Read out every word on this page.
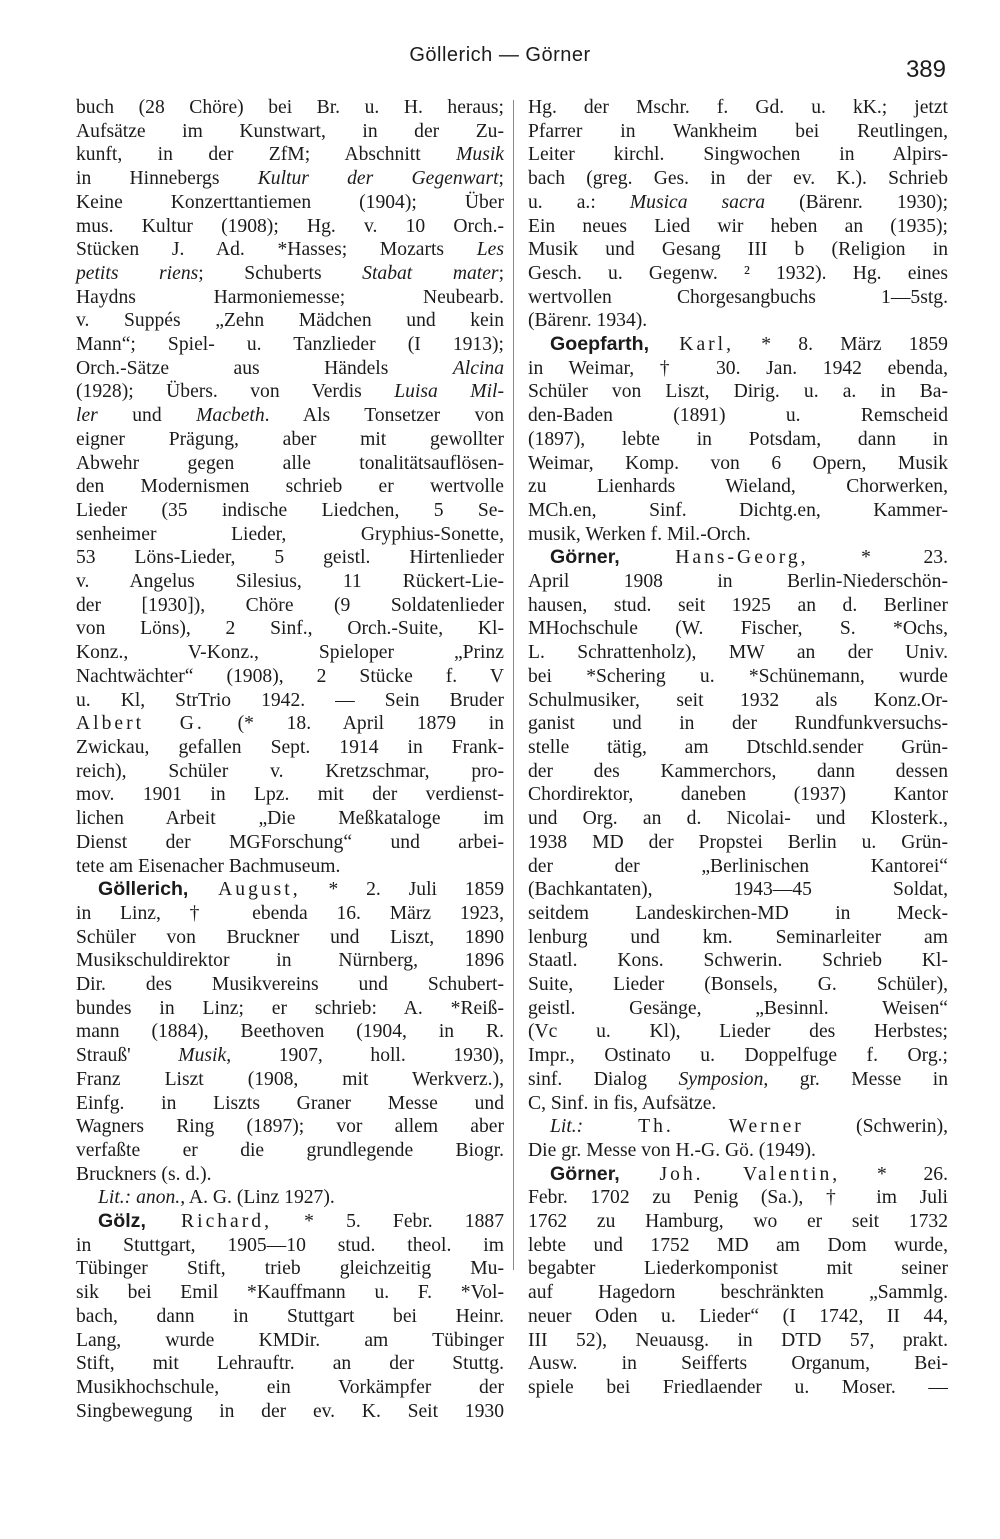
Göllerich — Görner
389
buch (28 Chöre) bei Br. u. H. heraus;
Aufsätze im Kunstwart, in der Zu-
kunft, in der ZfM; Abschnitt Musik
in Hinnebergs Kultur der Gegenwart;
Keine Konzerttantiemen (1904); Über
mus. Kultur (1908); Hg. v. 10 Orch.-
Stücken J. Ad. *Hasses; Mozarts Les
petits riens; Schuberts Stabat mater;
Haydns Harmoniemesse; Neubearb.
v. Suppés „Zehn Mädchen und kein
Mann“; Spiel- u. Tanzlieder (I 1913);
Orch.-Sätze aus Händels Alcina
(1928); Übers. von Verdis Luisa Mil-
ler und Macbeth. Als Tonsetzer von
eigner Prägung, aber mit gewollter
Abwehr gegen alle tonalitätsauflösen-
den Modernismen schrieb er wertvolle
Lieder (35 indische Liedchen, 5 Se-
senheimer Lieder, Gryphius-Sonette,
53 Löns-Lieder, 5 geistl. Hirtenlieder
v. Angelus Silesius, 11 Rückert-Lie-
der [1930]), Chöre (9 Soldatenlieder
von Löns), 2 Sinf., Orch.-Suite, Kl-
Konz., V-Konz., Spieloper „Prinz
Nachtwächter“ (1908), 2 Stücke f. V
u. Kl, StrTrio 1942. — Sein Bruder
Albert G. (* 18. April 1879 in
Zwickau, gefallen Sept. 1914 in Frank-
reich), Schüler v. Kretzschmar, pro-
mov. 1901 in Lpz. mit der verdienst-
lichen Arbeit „Die Meßkataloge im
Dienst der MGForschung“ und arbei-
tete am Eisenacher Bachmuseum.
Göllerich, August, * 2. Juli 1859
in Linz, † ebenda 16. März 1923,
Schüler von Bruckner und Liszt, 1890
Musikschuldirektor in Nürnberg, 1896
Dir. des Musikvereins und Schubert-
bundes in Linz; er schrieb: A. *Reiß-
mann (1884), Beethoven (1904, in R.
Strauß' Musik, 1907, holl. 1930),
Franz Liszt (1908, mit Werkverz.),
Einfg. in Liszts Graner Messe und
Wagners Ring (1897); vor allem aber
verfaßte er die grundlegende Biogr.
Bruckners (s. d.).
Lit.: anon., A. G. (Linz 1927).
Gölz, Richard, * 5. Febr. 1887
in Stuttgart, 1905—10 stud. theol. im
Tübinger Stift, trieb gleichzeitig Mu-
sik bei Emil *Kauffmann u. F. *Vol-
bach, dann in Stuttgart bei Heinr.
Lang, wurde KMDir. am Tübinger
Stift, mit Lehrauftr. an der Stuttg.
Musikhochschule, ein Vorkämpfer der
Singbewegung in der ev. K. Seit 1930
Hg. der Mschr. f. Gd. u. kK.; jetzt
Pfarrer in Wankheim bei Reutlingen,
Leiter kirchl. Singwochen in Alpirs-
bach (greg. Ges. in der ev. K.). Schrieb
u. a.: Musica sacra (Bärenr. 1930);
Ein neues Lied wir heben an (1935);
Musik und Gesang III b (Religion in
Gesch. u. Gegenw. ² 1932). Hg. eines
wertvollen Chorgesangbuchs 1—5stg.
(Bärenr. 1934).
Goepfarth, Karl, * 8. März 1859
in Weimar, † 30. Jan. 1942 ebenda,
Schüler von Liszt, Dirig. u. a. in Ba-
den-Baden (1891) u. Remscheid
(1897), lebte in Potsdam, dann in
Weimar, Komp. von 6 Opern, Musik
zu Lienhards Wieland, Chorwerken,
MCh.en, Sinf. Dichtg.en, Kammer-
musik, Werken f. Mil.-Orch.
Görner, Hans-Georg, * 23.
April 1908 in Berlin-Niederschön-
hausen, stud. seit 1925 an d. Berliner
MHochschule (W. Fischer, S. *Ochs,
L. Schrattenholz), MW an der Univ.
bei *Schering u. *Schünemann, wurde
Schulmusiker, seit 1932 als Konz.Or-
ganist und in der Rundfunkversuchs-
stelle tätig, am Dtschld.sender Grün-
der des Kammerchors, dann dessen
Chordirektor, daneben (1937) Kantor
und Org. an d. Nicolai- und Klosterk.,
1938 MD der Propstei Berlin u. Grün-
der der „Berlinischen Kantorei“
(Bachkantaten), 1943—45 Soldat,
seitdem Landeskirchen-MD in Meck-
lenburg und km. Seminarleiter am
Staatl. Kons. Schwerin. Schrieb Kl-
Suite, Lieder (Bonsels, G. Schüler),
geistl. Gesänge, „Besinnl. Weisen“
(Vc u. Kl), Lieder des Herbstes;
Impr., Ostinato u. Doppelfuge f. Org.;
sinf. Dialog Symposion, gr. Messe in
C, Sinf. in fis, Aufsätze.
Lit.: Th. Werner (Schwerin),
Die gr. Messe von H.-G. Gö. (1949).
Görner, Joh. Valentin, * 26.
Febr. 1702 zu Penig (Sa.), † im Juli
1762 zu Hamburg, wo er seit 1732
lebte und 1752 MD am Dom wurde,
begabter Liederkomponist mit seiner
auf Hagedorn beschränkten „Sammlg.
neuer Oden u. Lieder“ (I 1742, II 44,
III 52), Neuausg. in DTD 57, prakt.
Ausw. in Seifferts Organum, Bei-
spiele bei Friedlaender u. Moser. —
